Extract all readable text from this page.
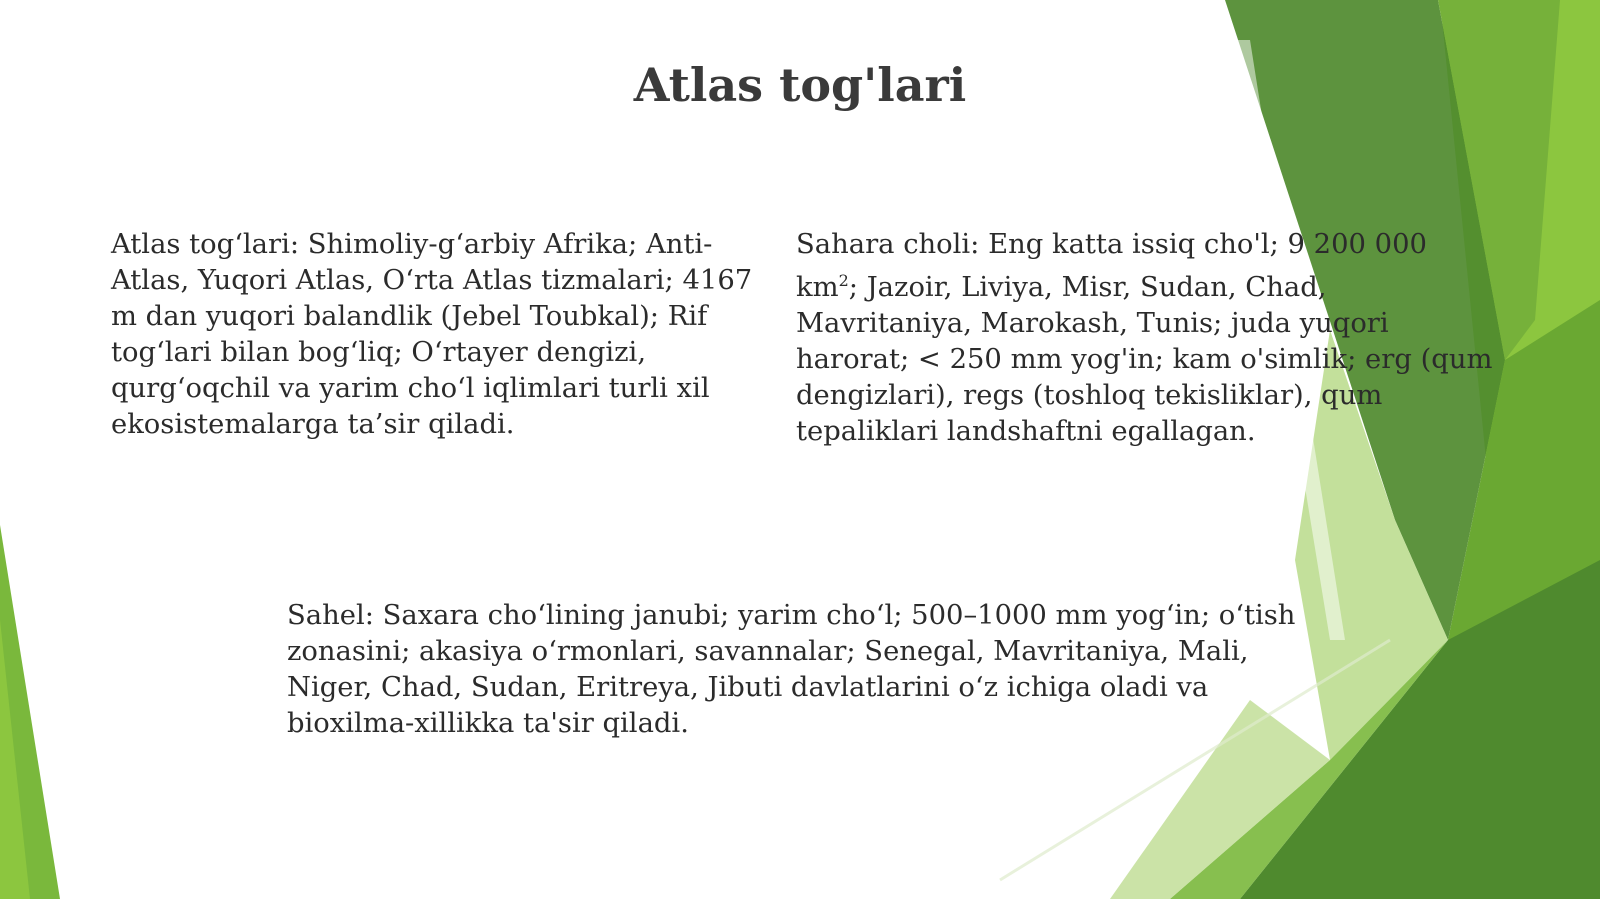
Atlas tog'lari

Atlas tog‘lari: Shimoliy-g‘arbiy Afrika; Anti-Atlas, Yuqori Atlas, O‘rta Atlas tizmalari; 4167 m dan yuqori balandlik (Jebel Toubkal); Rif tog‘lari bilan bog‘liq; O‘rtayer dengizi, qurg‘oqchil va yarim cho‘l iqlimlari turli xil ekosistemalarga ta’sir qiladi.

Sahara choli: Eng katta issiq cho'l; 9 200 000 $km^2$; Jazoir, Liviya, Misr, Sudan, Chad, Mavritaniya, Marokash, Tunis; juda yuqori harorat; < 250 mm yog'in; kam o'simlik; erg (qum dengizlari), regs (toshloq tekisliklar), qum tepaliklari landshaftni egallagan.

Sahel: Saxara cho‘lining janubi; yarim cho‘l; 500–1000 mm yog‘in; o‘tish zonasini; akasiya o‘rmonlari, savannalar; Senegal, Mavritaniya, Mali, Niger, Chad, Sudan, Eritreya, Jibuti davlatlarini o‘z ichiga oladi va bioxilma-xillikka ta'sir qiladi.
